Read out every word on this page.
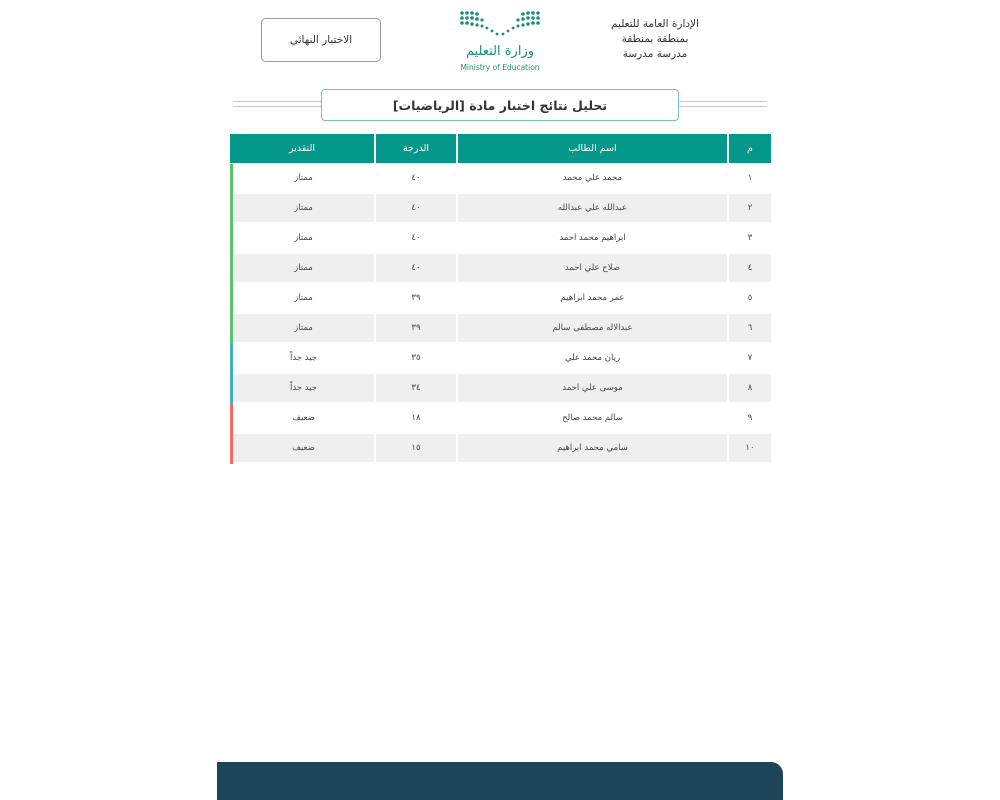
الإدارة العامة للتعليم
بمنطقة بمنطقة
مدرسة مدرسة
وزارة التعليم
Ministry of Education
الاختبار النهائي
تحليل نتائج اختبار مادة [الرياضيات]
م
اسم الطالب
الدرجة
التقدير
١
محمد علي محمد
٤٠
ممتاز
٢
عبدالله علي عبدالله
٤٠
ممتاز
٣
ابراهيم محمد احمد
٤٠
ممتاز
٤
صلاح علي احمد
٤٠
ممتاز
٥
عمر محمد ابراهيم
٣٩
ممتاز
٦
عبدالاله مصطفى سالم
٣٩
ممتاز
٧
ريان محمد علي
٣٥
جيد جداً
٨
موسى علي احمد
٣٤
جيد جداً
٩
سالم محمد صالح
١٨
ضعيف
١٠
سامي محمد ابراهيم
١٥
ضعيف
